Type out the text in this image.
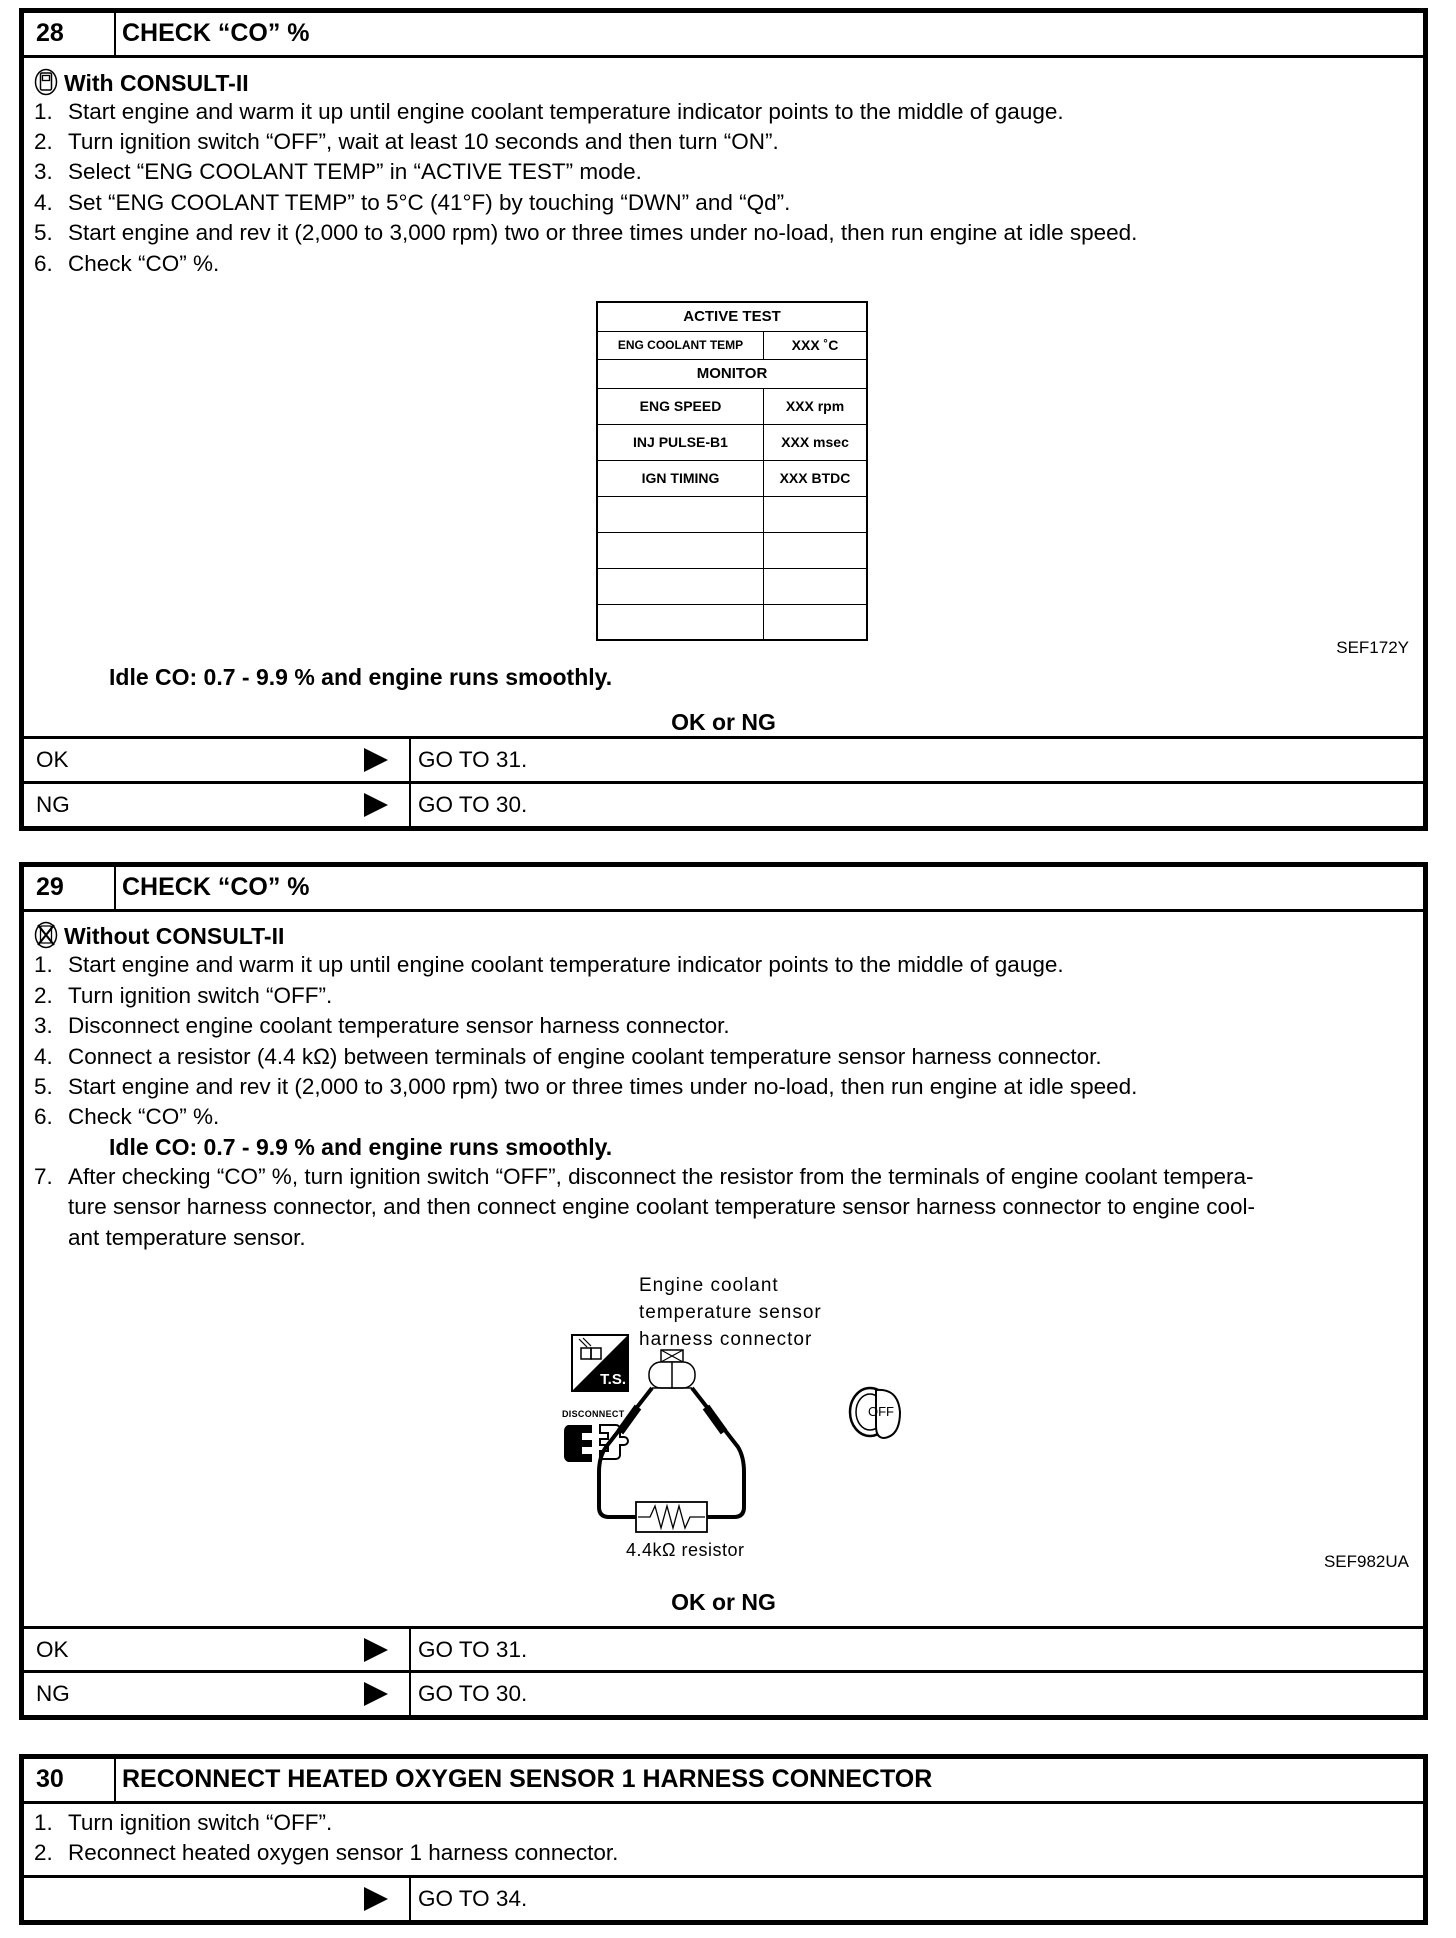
28	CHECK “CO” %
With CONSULT-II
1. Start engine and warm it up until engine coolant temperature indicator points to the middle of gauge.
2. Turn ignition switch “OFF”, wait at least 10 seconds and then turn “ON”.
3. Select “ENG COOLANT TEMP” in “ACTIVE TEST” mode.
4. Set “ENG COOLANT TEMP” to 5°C (41°F) by touching “DWN” and “Qd”.
5. Start engine and rev it (2,000 to 3,000 rpm) two or three times under no-load, then run engine at idle speed.
6. Check “CO” %.
ACTIVE TEST	
ENG COOLANT TEMP	XXX ˚C
MONITOR	
ENG SPEED	XXX rpm
INJ PULSE-B1	XXX msec
IGN TIMING	XXX BTDC

SEF172Y
Idle CO: 0.7 - 9.9 % and engine runs smoothly.
OK or NG
OK	GO TO 31.
NG	GO TO 30.
29	CHECK “CO” %
Without CONSULT-II
1. Start engine and warm it up until engine coolant temperature indicator points to the middle of gauge.
2. Turn ignition switch “OFF”.
3. Disconnect engine coolant temperature sensor harness connector.
4. Connect a resistor (4.4 kΩ) between terminals of engine coolant temperature sensor harness connector.
5. Start engine and rev it (2,000 to 3,000 rpm) two or three times under no-load, then run engine at idle speed.
6. Check “CO” %.
Idle CO: 0.7 - 9.9 % and engine runs smoothly.
7. After checking “CO” %, turn ignition switch “OFF”, disconnect the resistor from the terminals of engine coolant tempera-
ture sensor harness connector, and then connect engine coolant temperature sensor harness connector to engine cool-
ant temperature sensor.
Engine coolant
temperature sensor
harness connector
T.S.
DISCONNECT	OFF
4.4kΩ resistor
SEF982UA
OK or NG
OK	GO TO 31.
NG	GO TO 30.
30	RECONNECT HEATED OXYGEN SENSOR 1 HARNESS CONNECTOR
1. Turn ignition switch “OFF”.
2. Reconnect heated oxygen sensor 1 harness connector.
GO TO 34.
